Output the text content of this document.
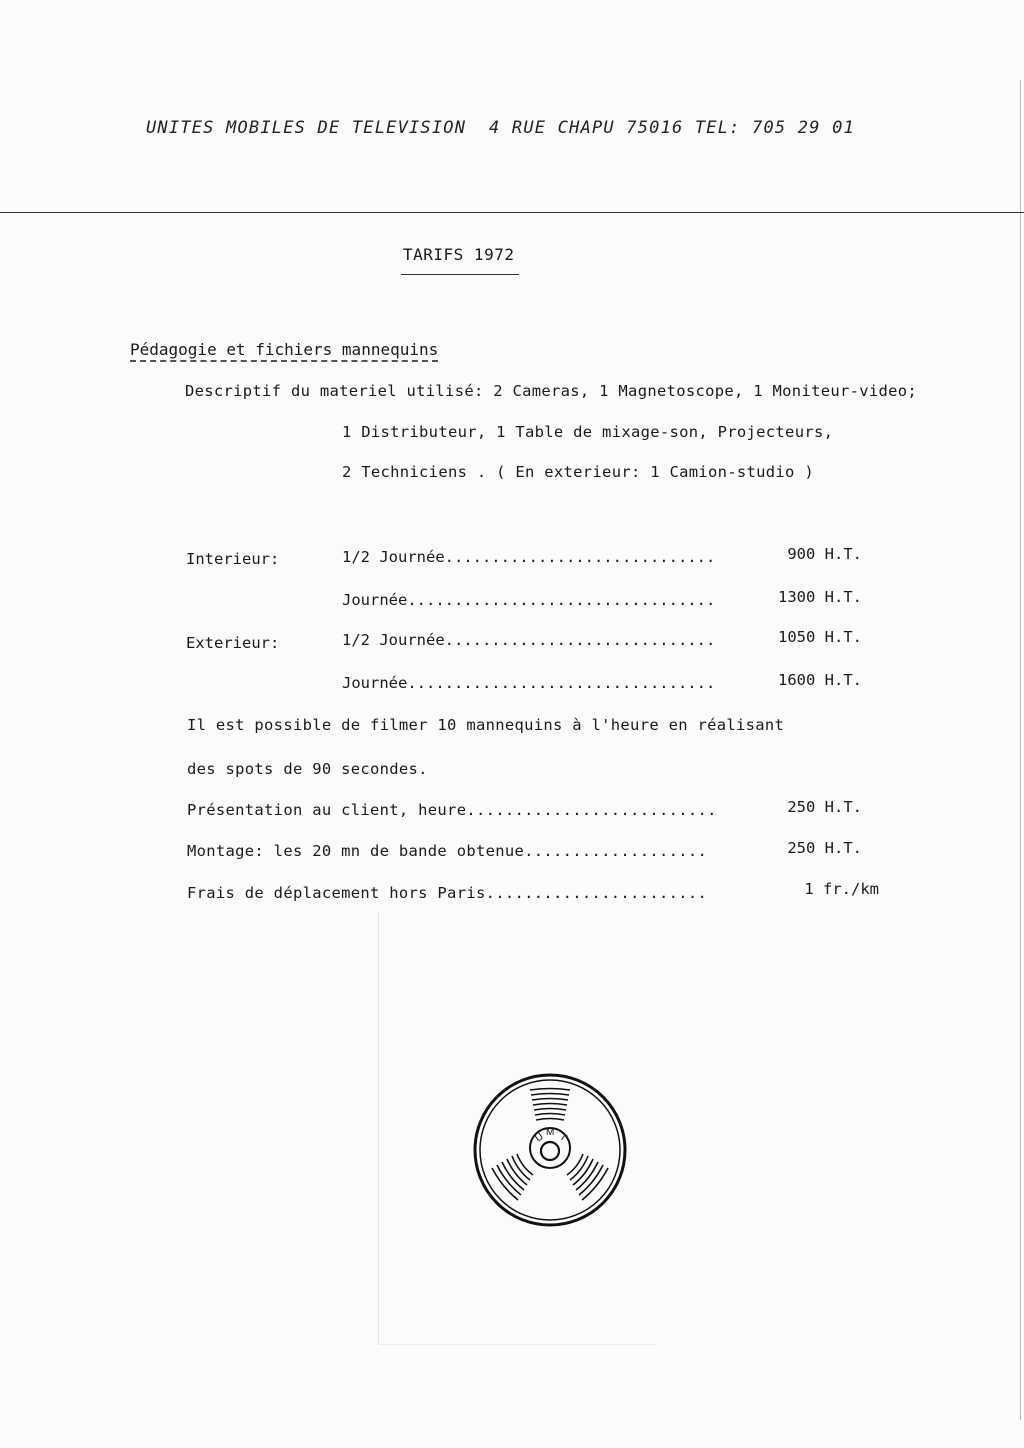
UNITES MOBILES DE TELEVISION  4 RUE CHAPU 75016 TEL: 705 29 01
TARIFS 1972
Pédagogie et fichiers mannequins
Descriptif du materiel utilisé: 2 Cameras, 1 Magnetoscope, 1 Moniteur-video;
1 Distributeur, 1 Table de mixage-son, Projecteurs,
2 Techniciens . ( En exterieur: 1 Camion-studio )
Interieur:	1/2 Journée.............................	900 H.T.
Journée.................................	1300 H.T.
Exterieur:	1/2 Journée.............................	1050 H.T.
Journée.................................	1600 H.T.
Il est possible de filmer 10 mannequins à l'heure en réalisant
des spots de 90 secondes.
Présentation au client, heure..........................	250 H.T.
Montage: les 20 mn de bande obtenue...................	250 H.T.
Frais de déplacement hors Paris.......................	1 fr./km

U M T
